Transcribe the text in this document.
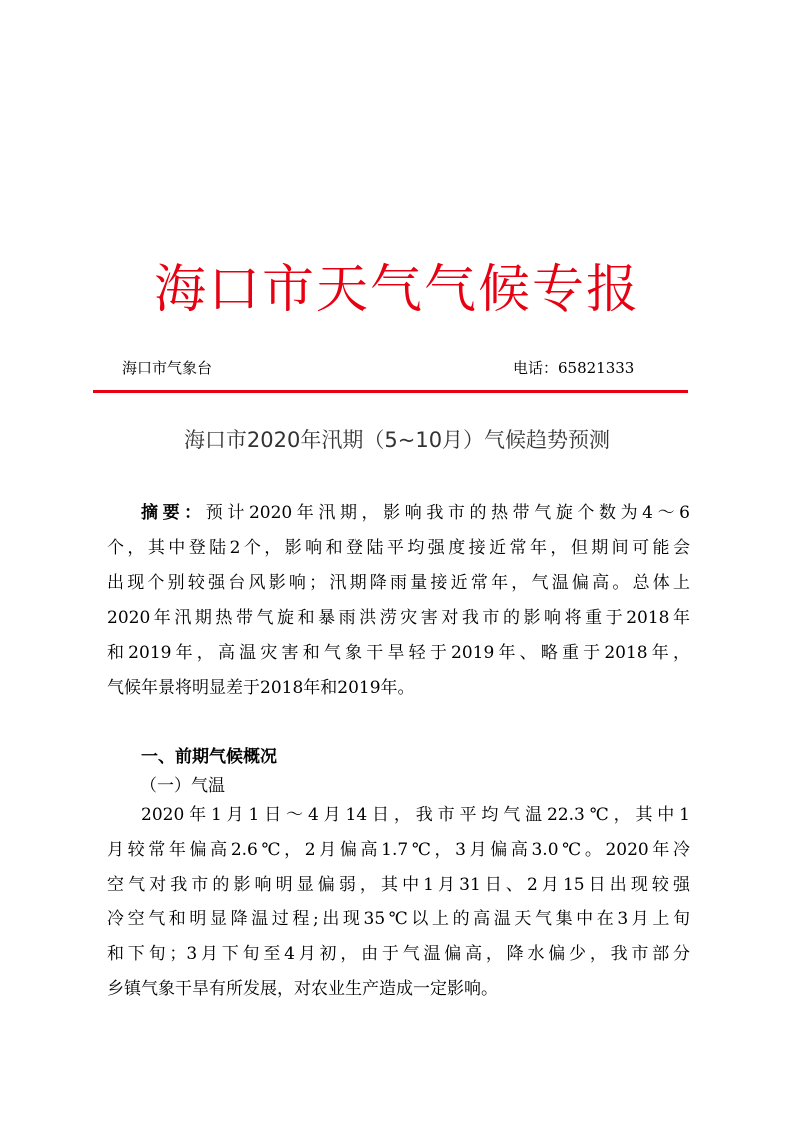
海口市天气气候专报
海口市气象台	电话：65821333
海口市2020年汛期（5~10月）气候趋势预测
摘要：预计2020年汛期，影响我市的热带气旋个数为4～6
个，其中登陆2个，影响和登陆平均强度接近常年，但期间可能会
出现个别较强台风影响；汛期降雨量接近常年，气温偏高。总体上
2020年汛期热带气旋和暴雨洪涝灾害对我市的影响将重于2018年
和2019年，高温灾害和气象干旱轻于2019年、略重于2018年，
气候年景将明显差于2018年和2019年。
一、前期气候概况
（一）气温
2020年1月1日～4月14日，我市平均气温22.3℃，其中1
月较常年偏高2.6℃，2月偏高1.7℃，3月偏高3.0℃。2020年冷
空气对我市的影响明显偏弱，其中1月31日、2月15日出现较强
冷空气和明显降温过程;出现35℃以上的高温天气集中在3月上旬
和下旬；3月下旬至4月初，由于气温偏高，降水偏少，我市部分
乡镇气象干旱有所发展，对农业生产造成一定影响。
